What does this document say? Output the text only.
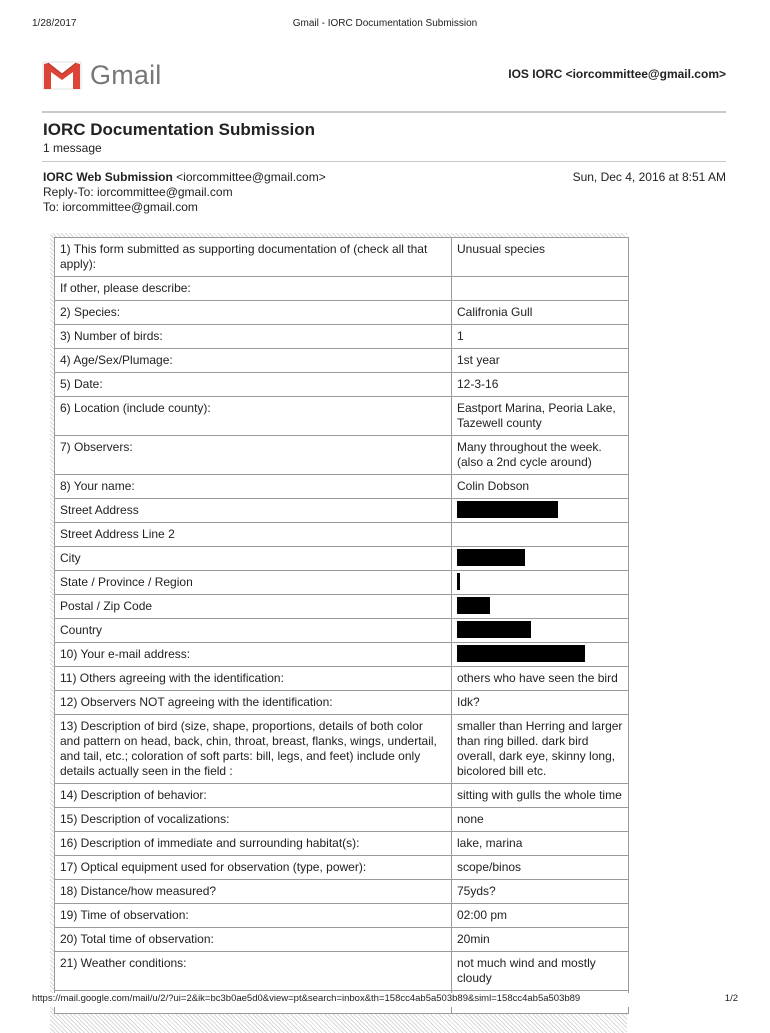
1/28/2017	Gmail - IORC Documentation Submission
Gmail	IOS IORC <iorcommittee@gmail.com>
IORC Documentation Submission
1 message
IORC Web Submission <iorcommittee@gmail.com>
Reply-To: iorcommittee@gmail.com
To: iorcommittee@gmail.com
Sun, Dec 4, 2016 at 8:51 AM
1) This form submitted as supporting documentation of (check all that apply):	Unusual species
If other, please describe:	
2) Species:	Califronia Gull
3) Number of birds:	1
4) Age/Sex/Plumage:	1st year
5) Date:	12-3-16
6) Location (include county):	Eastport Marina, Peoria Lake, Tazewell county
7) Observers:	Many throughout the week. (also a 2nd cycle around)
8) Your name:	Colin Dobson
Street Address	
Street Address Line 2	
City	
State / Province / Region	
Postal / Zip Code	
Country	
10) Your e-mail address:	
11) Others agreeing with the identification:	others who have seen the bird
12) Observers NOT agreeing with the identification:	Idk?
13) Description of bird (size, shape, proportions, details of both color and pattern on head, back, chin, throat, breast, flanks, wings, undertail, and tail, etc.; coloration of soft parts: bill, legs, and feet) include only details actually seen in the field :	smaller than Herring and larger than ring billed. dark bird overall, dark eye, skinny long, bicolored bill etc.
14) Description of behavior:	sitting with gulls the whole time
15) Description of vocalizations:	none
16) Description of immediate and surrounding habitat(s):	lake, marina
17) Optical equipment used for observation (type, power):	scope/binos
18) Distance/how measured?	75yds?
19) Time of observation:	02:00 pm
20) Total time of observation:	20min
21) Weather conditions:	not much wind and mostly cloudy

https://mail.google.com/mail/u/2/?ui=2&ik=bc3b0ae5d0&view=pt&search=inbox&th=158cc4ab5a503b89&siml=158cc4ab5a503b89	1/2
